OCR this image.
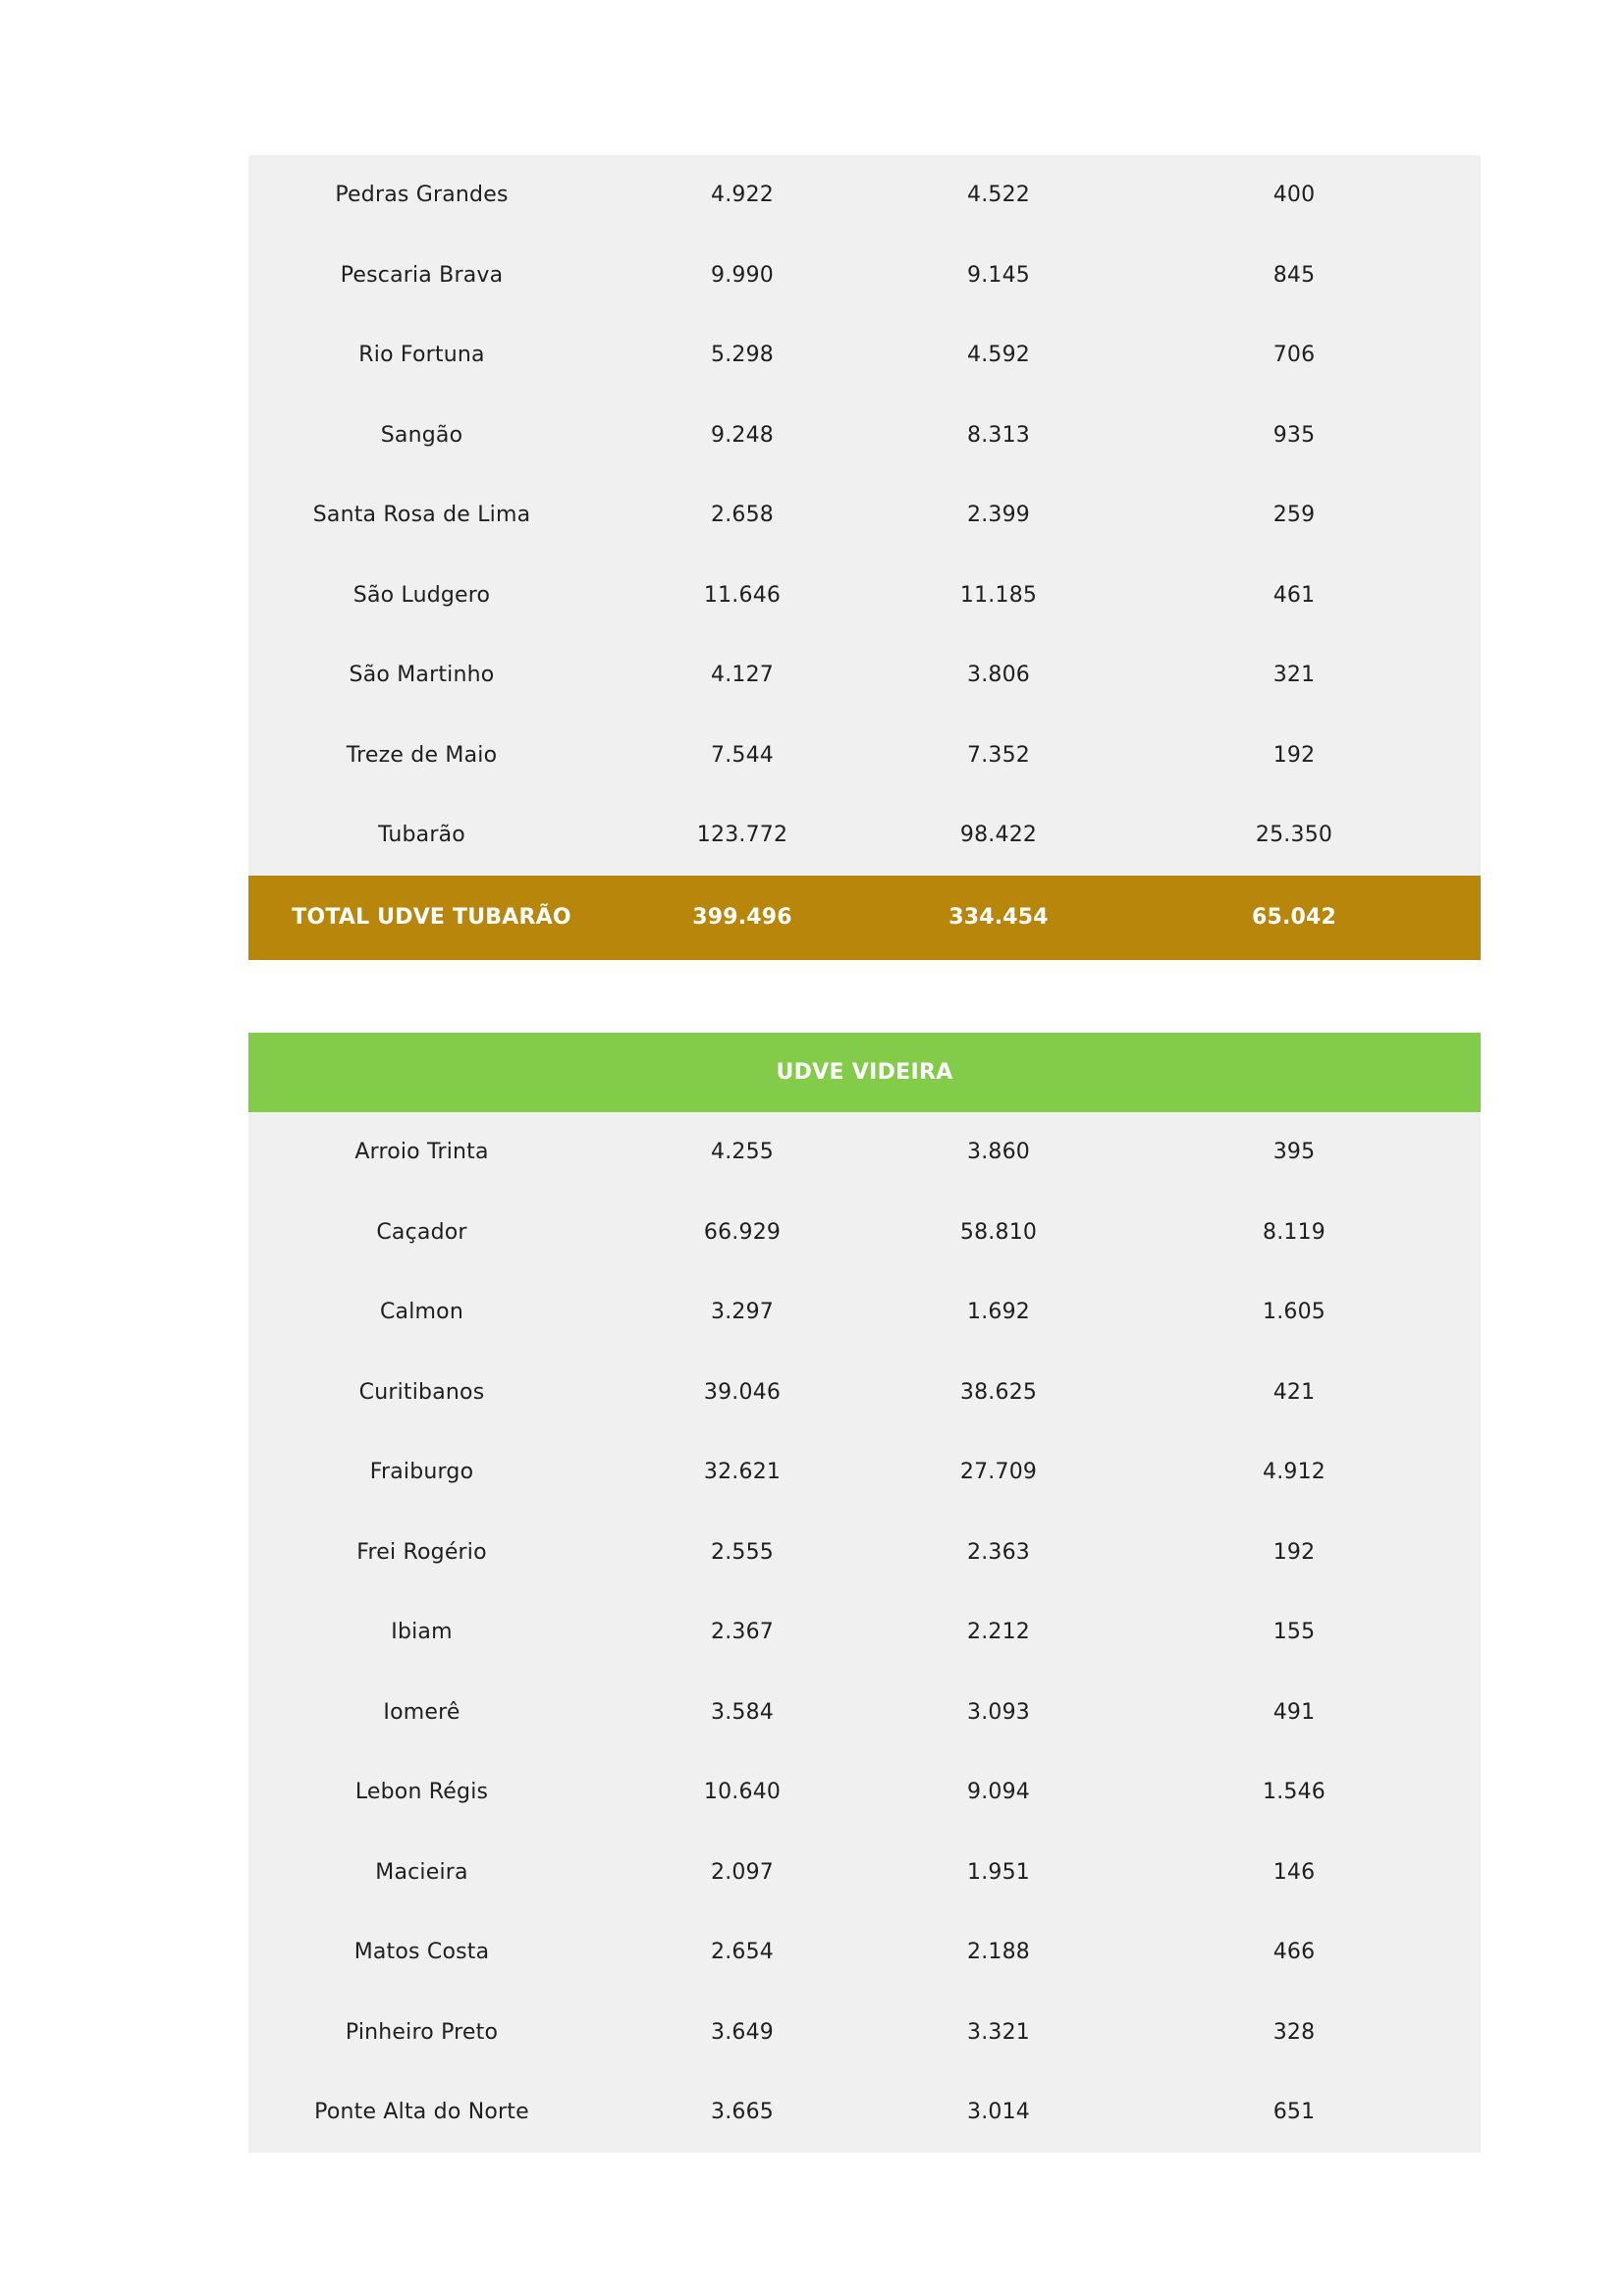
Pedras Grandes	4.922	4.522	400
Pescaria Brava	9.990	9.145	845
Rio Fortuna	5.298	4.592	706
Sangão	9.248	8.313	935
Santa Rosa de Lima	2.658	2.399	259
São Ludgero	11.646	11.185	461
São Martinho	4.127	3.806	321
Treze de Maio	7.544	7.352	192
Tubarão	123.772	98.422	25.350
TOTAL UDVE TUBARÃO	399.496	334.454	65.042
UDVE VIDEIRA
Arroio Trinta	4.255	3.860	395
Caçador	66.929	58.810	8.119
Calmon	3.297	1.692	1.605
Curitibanos	39.046	38.625	421
Fraiburgo	32.621	27.709	4.912
Frei Rogério	2.555	2.363	192
Ibiam	2.367	2.212	155
Iomerê	3.584	3.093	491
Lebon Régis	10.640	9.094	1.546
Macieira	2.097	1.951	146
Matos Costa	2.654	2.188	466
Pinheiro Preto	3.649	3.321	328
Ponte Alta do Norte	3.665	3.014	651
